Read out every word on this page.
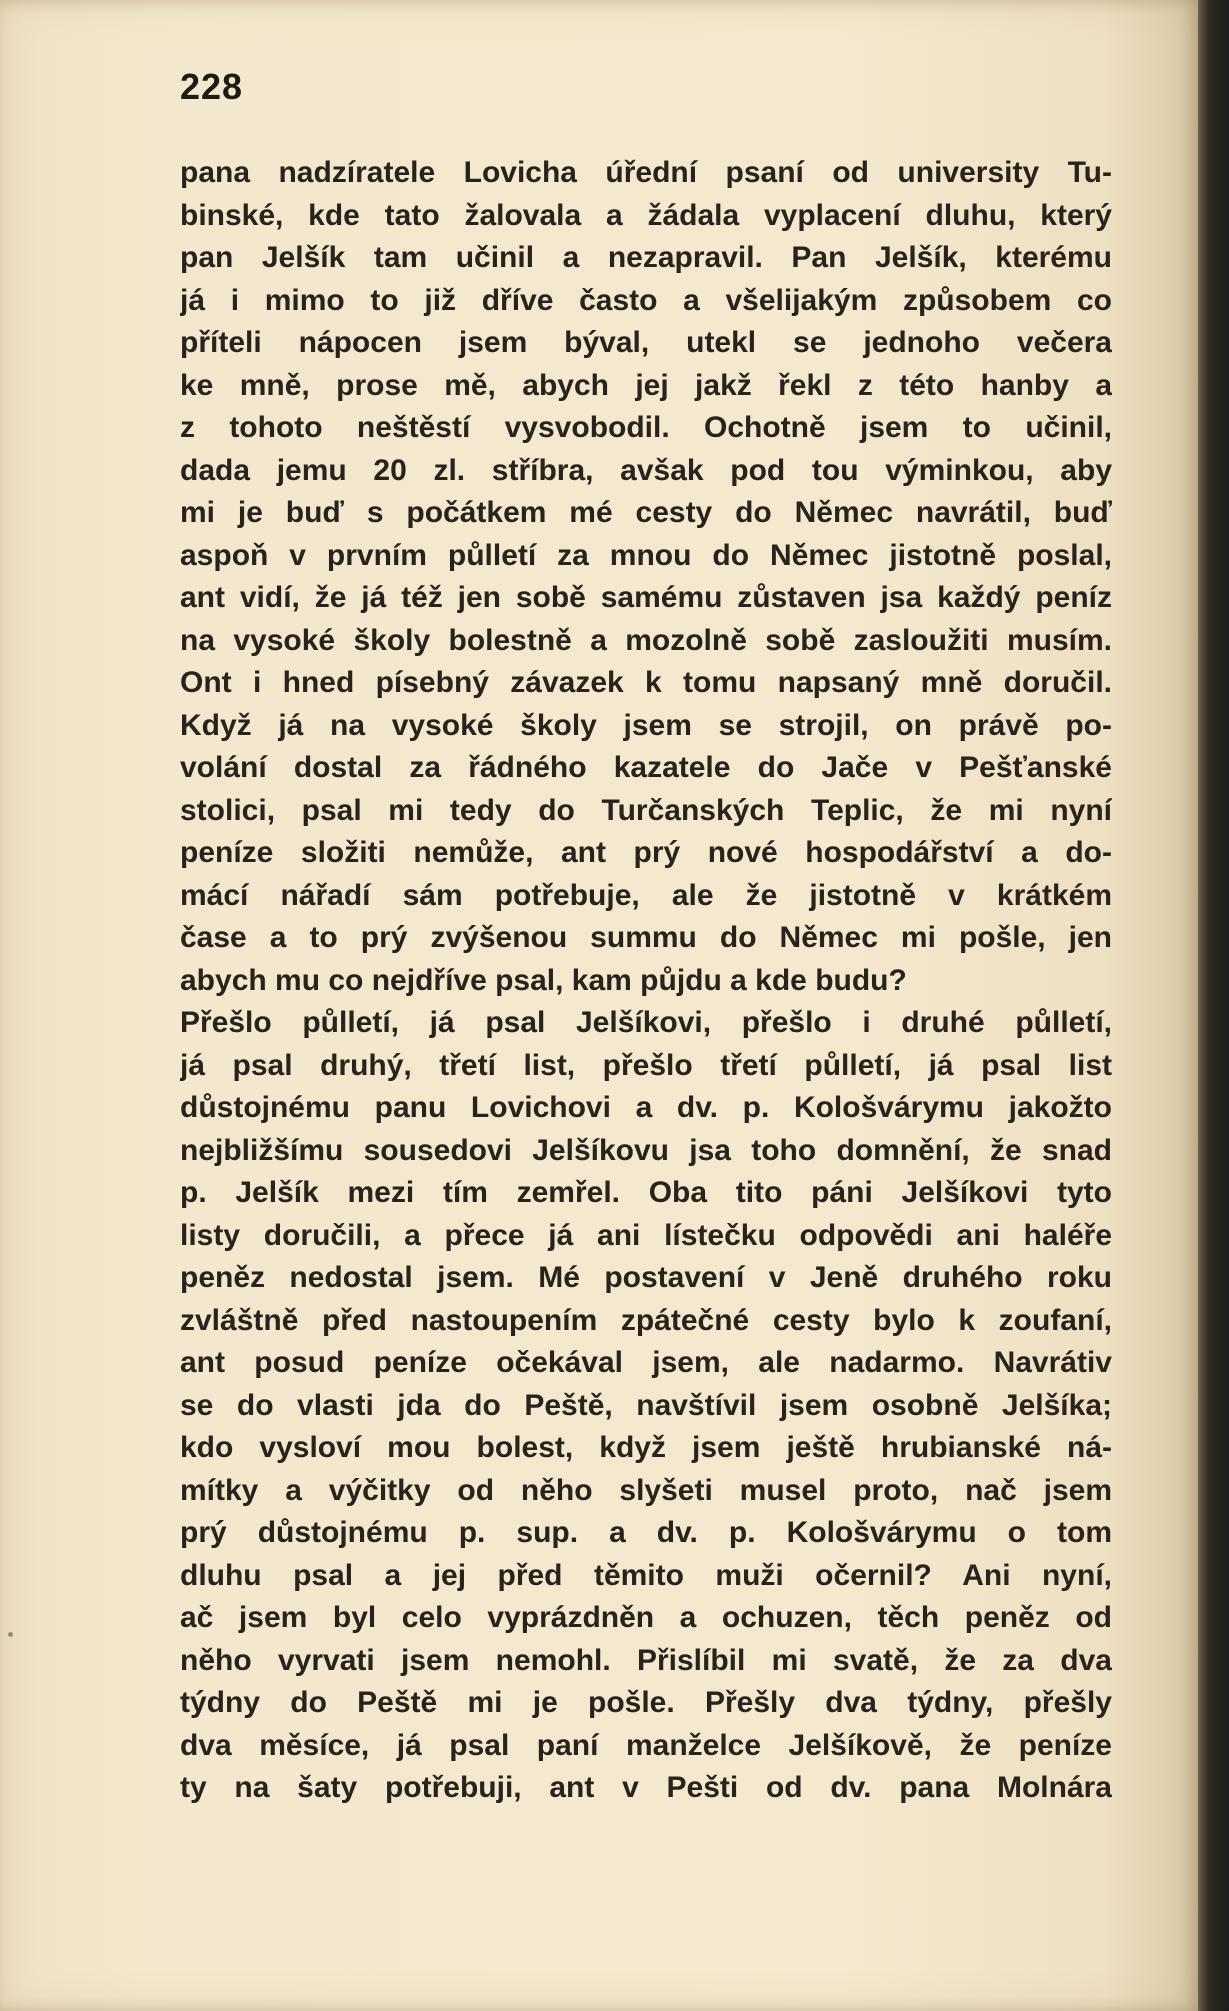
228
pana nadzíratele Lovicha úřední psaní od university Tu-
binské, kde tato žalovala a žádala vyplacení dluhu, který
pan Jelšík tam učinil a nezapravil. Pan Jelšík, kterému
já i mimo to již dříve často a všelijakým způsobem co
příteli nápocen jsem býval, utekl se jednoho večera
ke mně, prose mě, abych jej jakž řekl z této hanby a
z tohoto neštěstí vysvobodil. Ochotně jsem to učinil,
dada jemu 20 zl. stříbra, avšak pod tou výminkou, aby
mi je buď s počátkem mé cesty do Němec navrátil, buď
aspoň v prvním půlletí za mnou do Němec jistotně poslal,
ant vidí, že já též jen sobě samému zůstaven jsa každý peníz
na vysoké školy bolestně a mozolně sobě zasloužiti musím.
Ont i hned písebný závazek k tomu napsaný mně doručil.
Když já na vysoké školy jsem se strojil, on právě po-
volání dostal za řádného kazatele do Jače v Pešťanské
stolici, psal mi tedy do Turčanských Teplic, že mi nyní
peníze složiti nemůže, ant prý nové hospodářství a do-
mácí nářadí sám potřebuje, ale že jistotně v krátkém
čase a to prý zvýšenou summu do Němec mi pošle, jen
abych mu co nejdříve psal, kam půjdu a kde budu?
Přešlo půlletí, já psal Jelšíkovi, přešlo i druhé půlletí,
já psal druhý, třetí list, přešlo třetí půlletí, já psal list
důstojnému panu Lovichovi a dv. p. Kološvárymu jakožto
nejbližšímu sousedovi Jelšíkovu jsa toho domnění, že snad
p. Jelšík mezi tím zemřel. Oba tito páni Jelšíkovi tyto
listy doručili, a přece já ani lístečku odpovědi ani haléře
peněz nedostal jsem. Mé postavení v Jeně druhého roku
zvláštně před nastoupením zpátečné cesty bylo k zoufaní,
ant posud peníze očekával jsem, ale nadarmo. Navrátiv
se do vlasti jda do Peště, navštívil jsem osobně Jelšíka;
kdo vysloví mou bolest, když jsem ještě hrubianské ná-
mítky a výčitky od něho slyšeti musel proto, nač jsem
prý důstojnému p. sup. a dv. p. Kološvárymu o tom
dluhu psal a jej před těmito muži očernil? Ani nyní,
ač jsem byl celo vyprázdněn a ochuzen, těch peněz od
něho vyrvati jsem nemohl. Přislíbil mi svatě, že za dva
týdny do Peště mi je pošle. Přešly dva týdny, přešly
dva měsíce, já psal paní manželce Jelšíkově, že peníze
ty na šaty potřebuji, ant v Pešti od dv. pana Molnára
